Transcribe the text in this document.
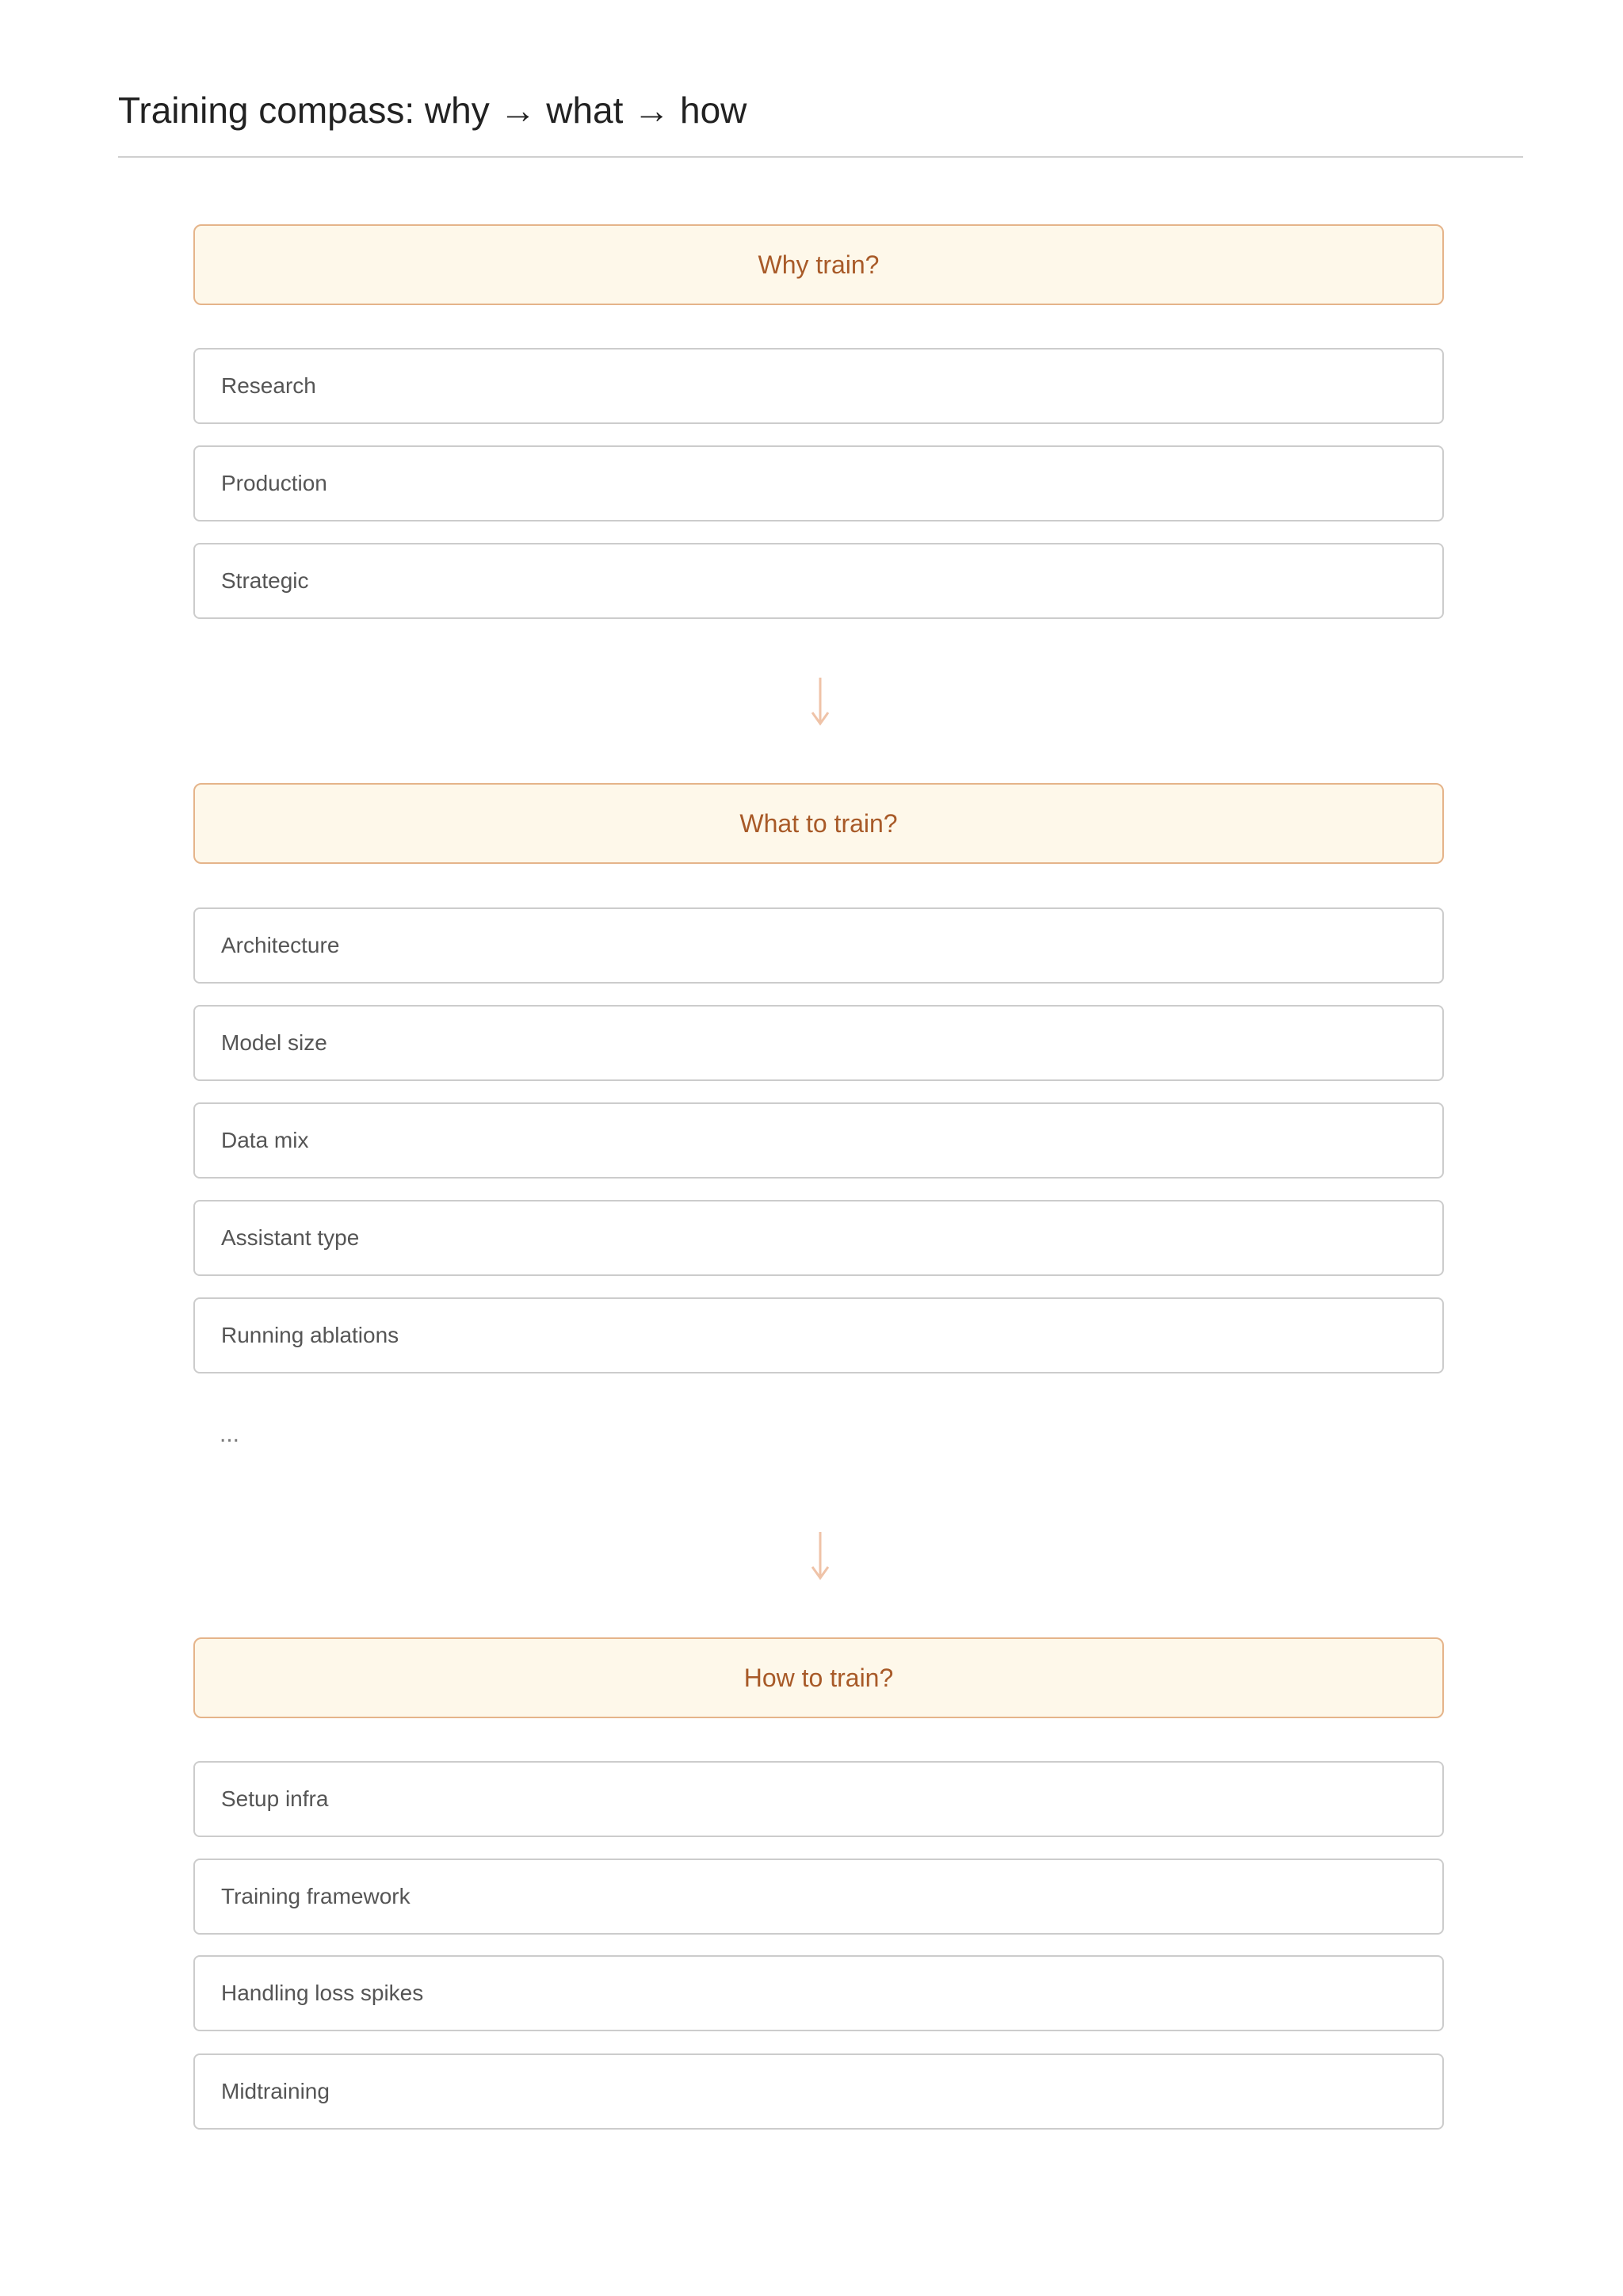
Training compass: why → what → how
Why train?
Research
Production
Strategic
What to train?
Architecture
Model size
Data mix
Assistant type
Running ablations
...
How to train?
Setup infra
Training framework
Handling loss spikes
Midtraining
